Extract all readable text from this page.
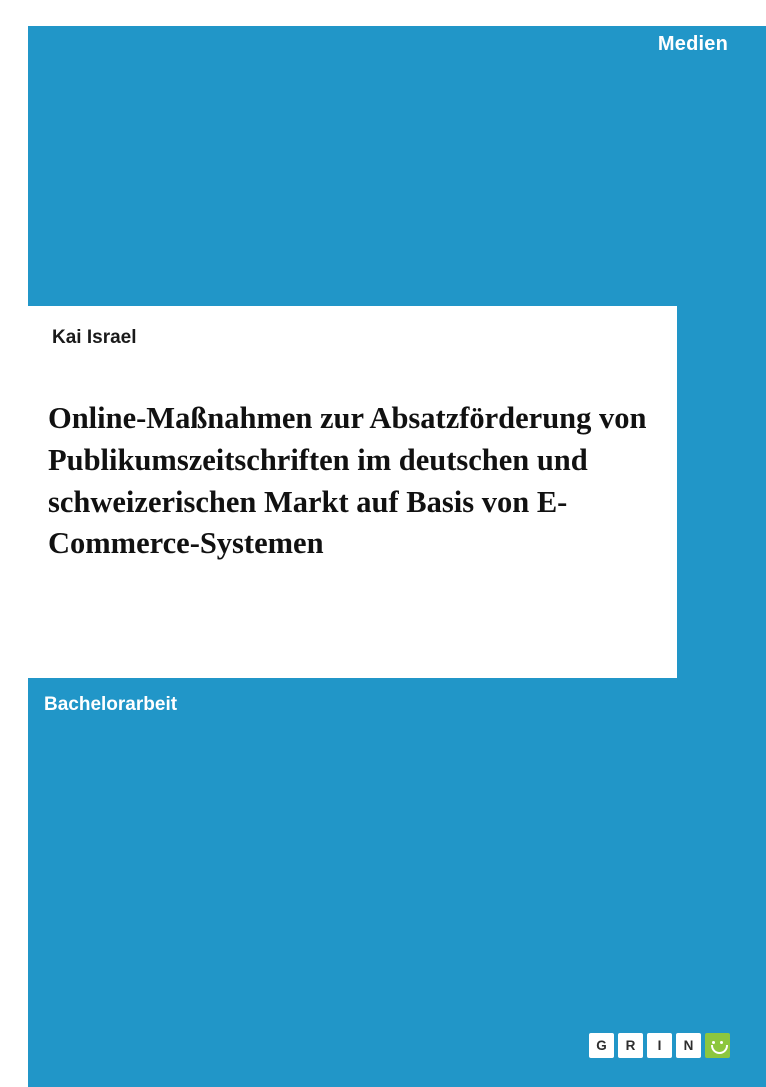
Medien
Kai Israel
Online-Maßnahmen zur Absatzförderung von Publikumszeitschriften im deutschen und schweizerischen Markt auf Basis von E-Commerce-Systemen
Bachelorarbeit
G	R	I	N
